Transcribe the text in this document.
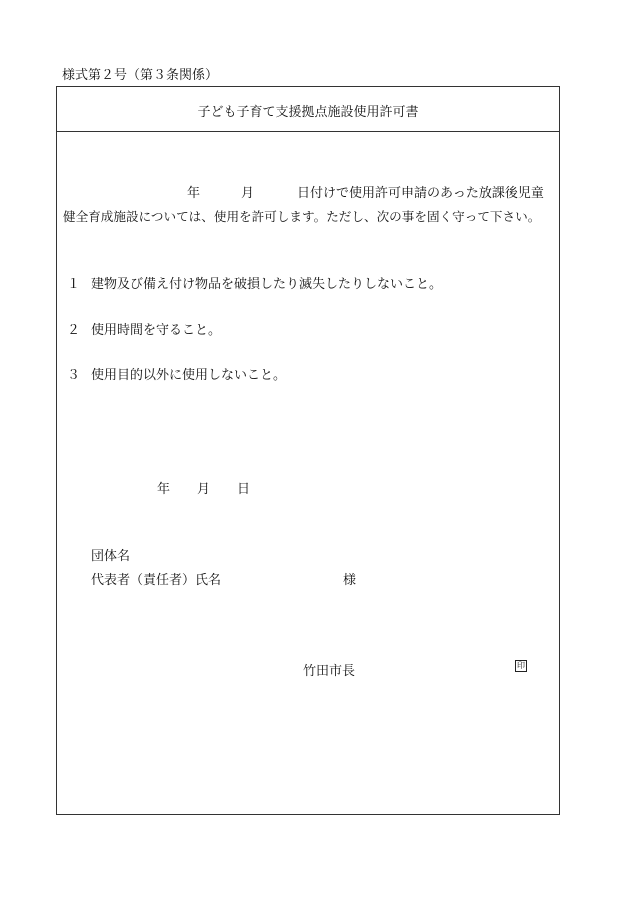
様式第２号（第３条関係）
子ども子育て支援拠点施設使用許可書
年	月	日付けで使用許可申請のあった放課後児童
健全育成施設については、使用を許可します。ただし、次の事を固く守って下さい。
１ 建物及び備え付け物品を破損したり滅失したりしないこと。
２ 使用時間を守ること。
３ 使用目的以外に使用しないこと。
年 月 日
団体名
代表者（責任者）氏名	様
竹田市長	印
